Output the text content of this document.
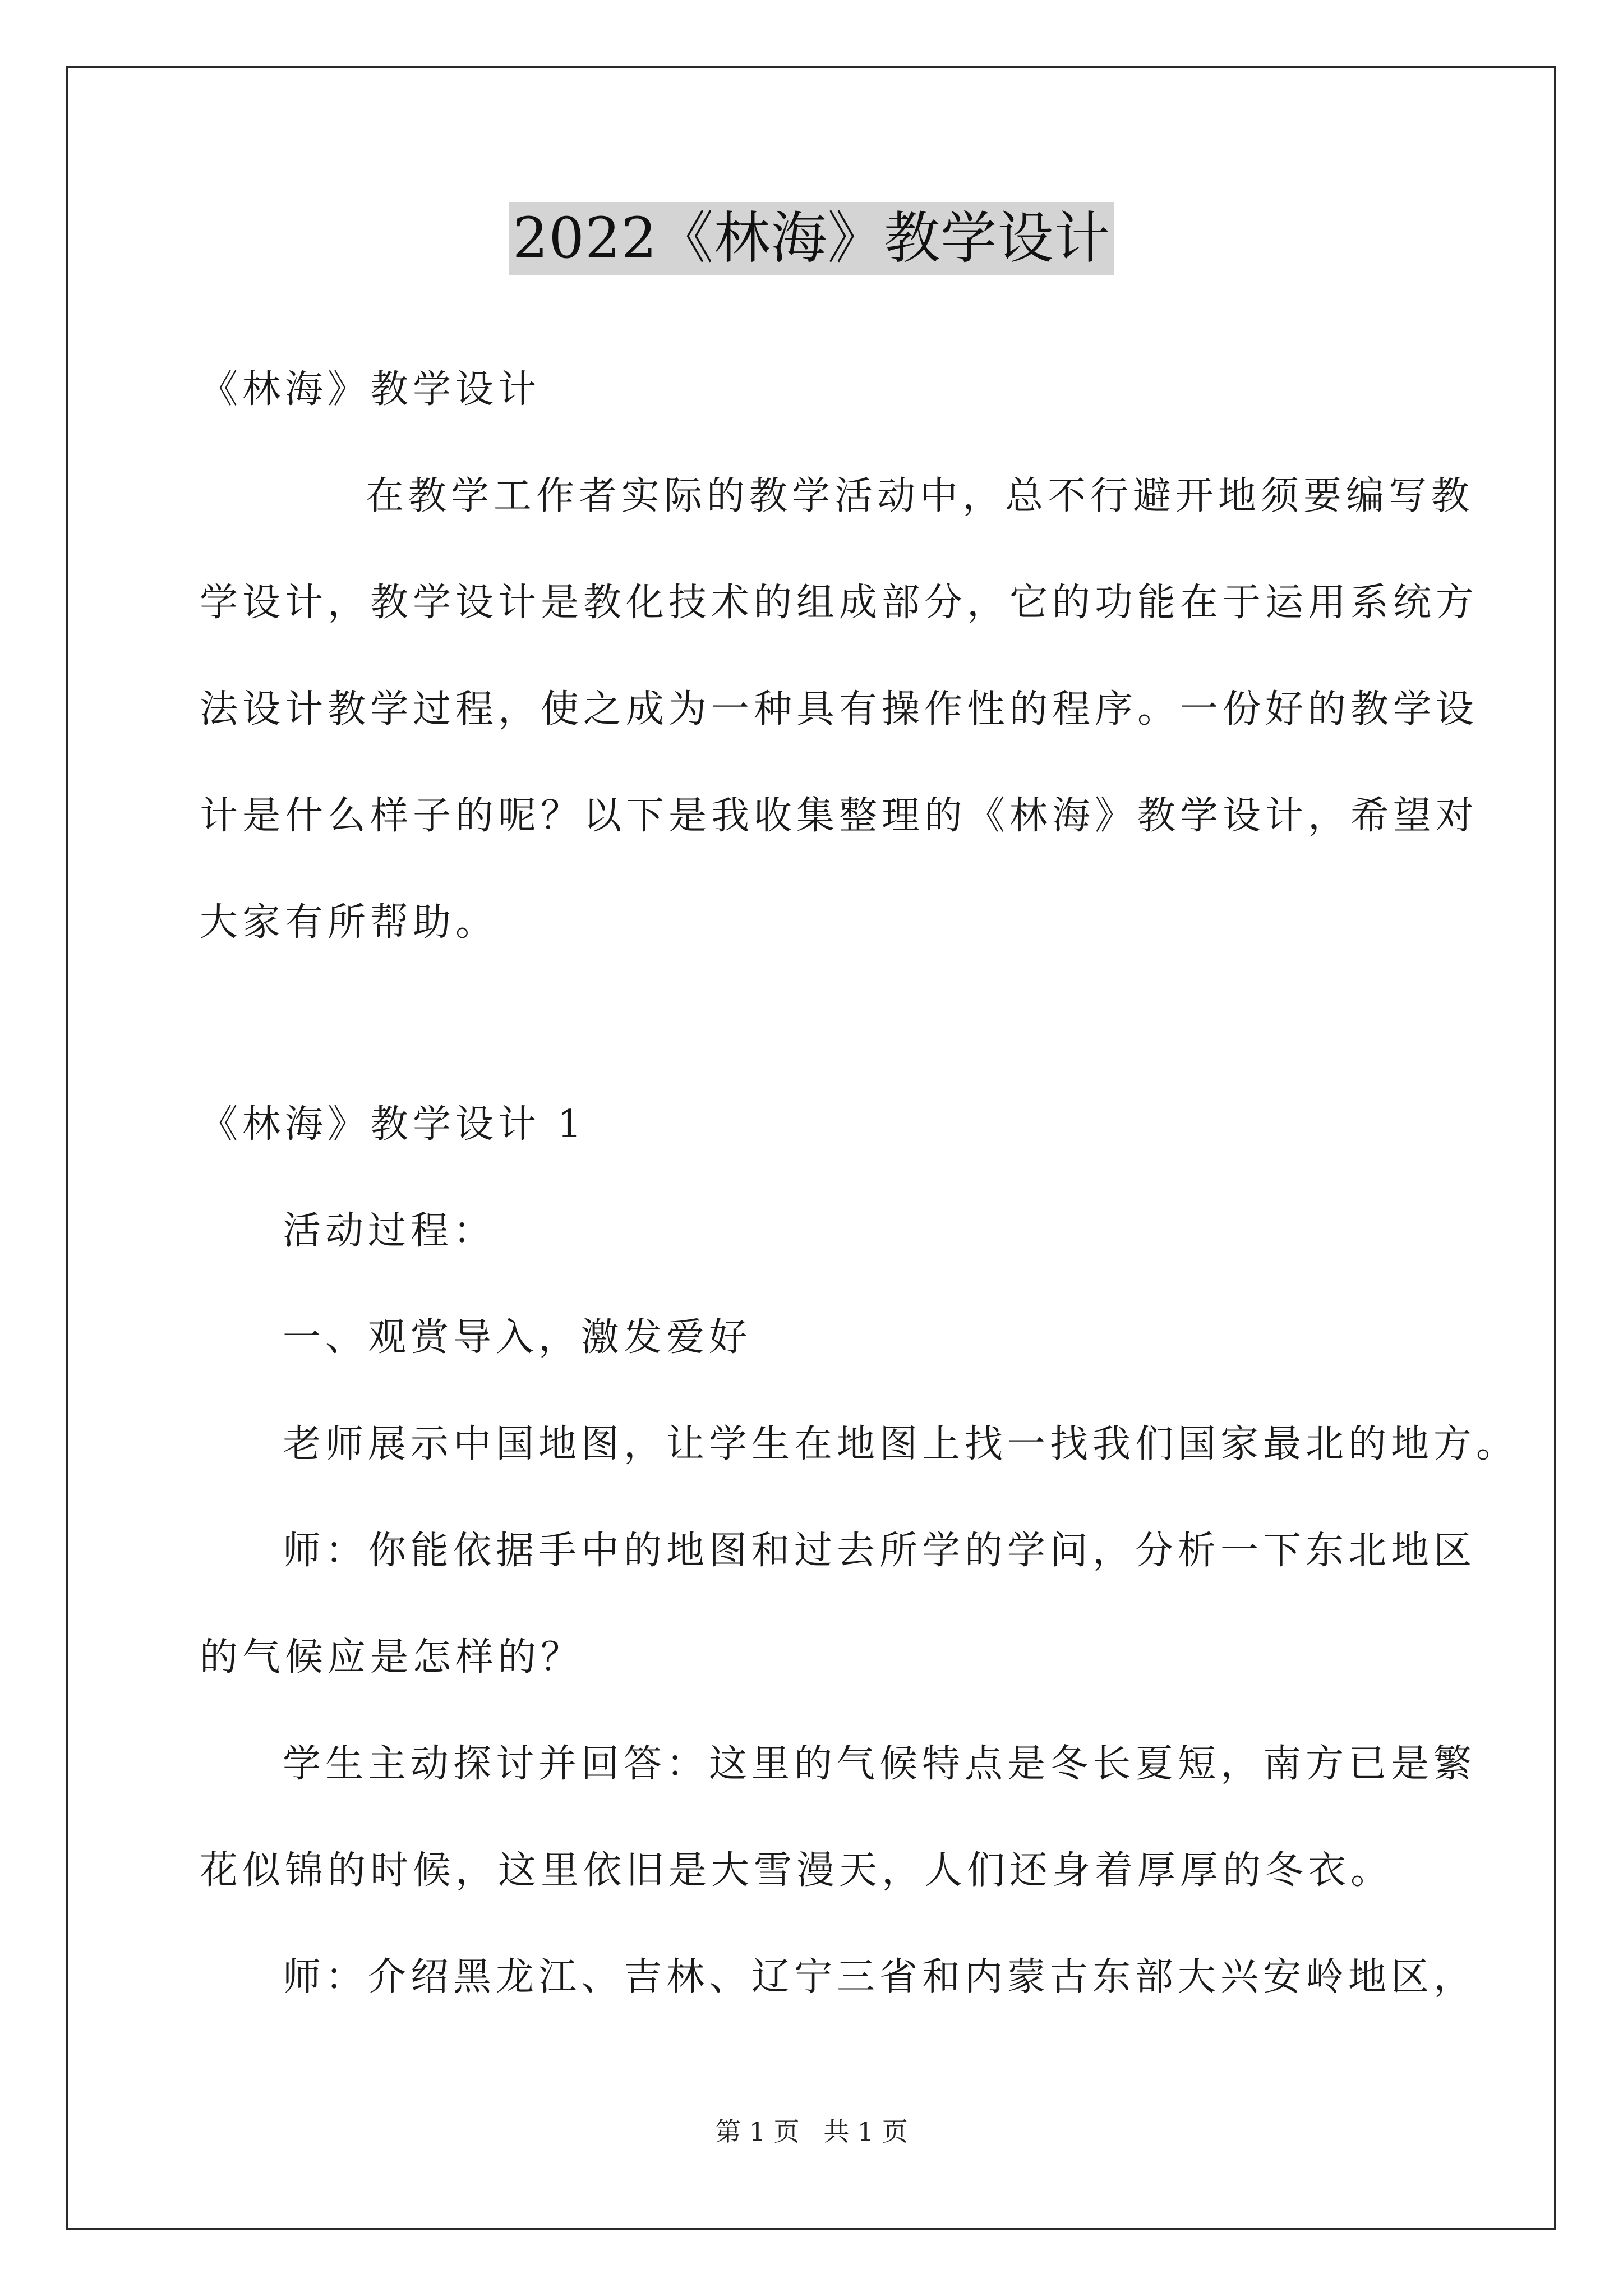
2022《林海》教学设计
《林海》教学设计
在教学工作者实际的教学活动中，总不行避开地须要编写教
学设计，教学设计是教化技术的组成部分，它的功能在于运用系统方
法设计教学过程，使之成为一种具有操作性的程序。一份好的教学设
计是什么样子的呢？以下是我收集整理的《林海》教学设计，希望对
大家有所帮助。
《林海》教学设计 1
活动过程：
一、观赏导入，激发爱好
老师展示中国地图，让学生在地图上找一找我们国家最北的地方。
师：你能依据手中的地图和过去所学的学问，分析一下东北地区
的气候应是怎样的？
学生主动探讨并回答：这里的气候特点是冬长夏短，南方已是繁
花似锦的时候，这里依旧是大雪漫天，人们还身着厚厚的冬衣。
师：介绍黑龙江、吉林、辽宁三省和内蒙古东部大兴安岭地区，
第 1 页 共 1 页
